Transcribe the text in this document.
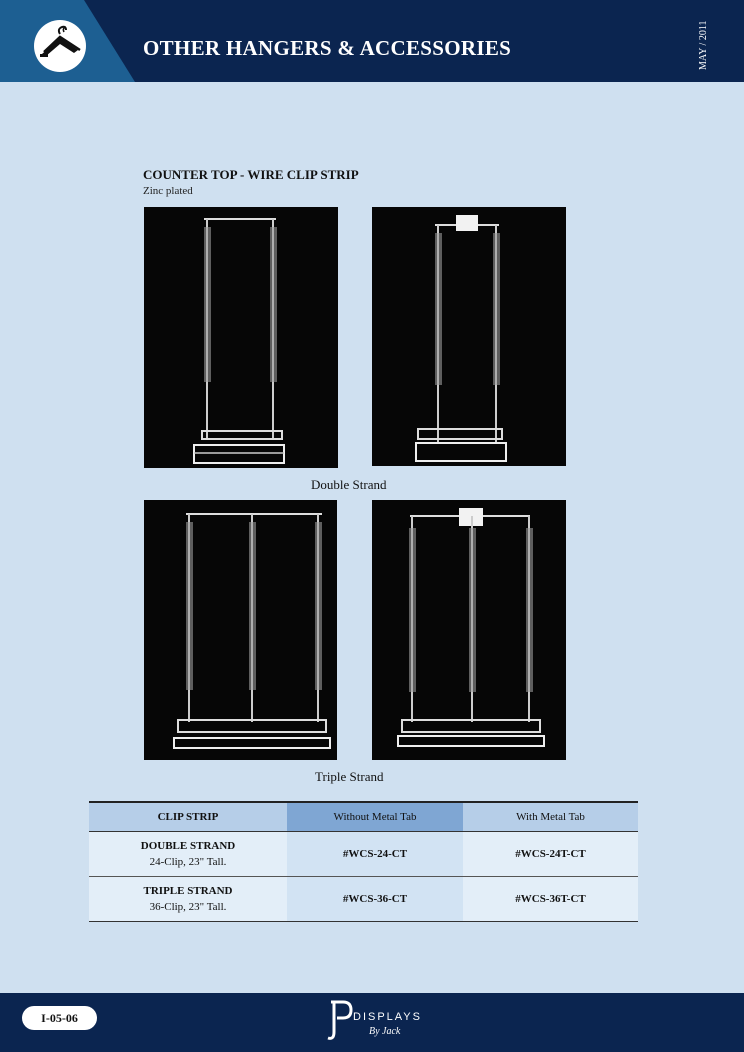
OTHER HANGERS & ACCESSORIES	MAY / 2011
COUNTER TOP - WIRE CLIP STRIP
Zinc plated
Double Strand
Triple Strand
CLIP STRIP	Without Metal Tab	With Metal Tab
DOUBLE STRAND
24-Clip, 23" Tall.
#WCS-24-CT	#WCS-24T-CT
TRIPLE STRAND
36-Clip, 23" Tall.
#WCS-36-CT	#WCS-36T-CT
I-05-06	DISPLAYS
By Jack
